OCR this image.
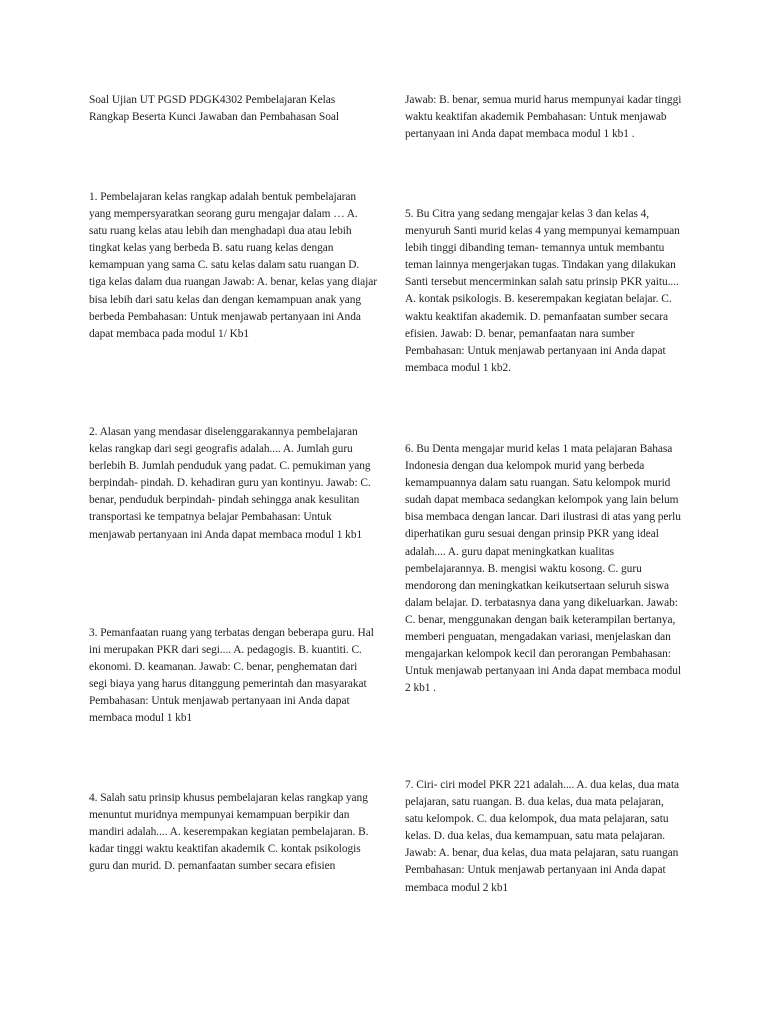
Soal Ujian UT PGSD PDGK4302 Pembelajaran Kelas Rangkap Beserta Kunci Jawaban dan Pembahasan Soal

1. Pembelajaran kelas rangkap adalah bentuk pembelajaran yang mempersyaratkan seorang guru mengajar dalam … A. satu ruang kelas atau lebih dan menghadapi dua atau lebih tingkat kelas yang berbeda B. satu ruang kelas dengan kemampuan yang sama C. satu kelas dalam satu ruangan D. tiga kelas dalam dua ruangan Jawab: A. benar, kelas yang diajar bisa lebih dari satu kelas dan dengan kemampuan anak yang berbeda Pembahasan: Untuk menjawab pertanyaan ini Anda dapat membaca pada modul 1/ Kb1

2. Alasan yang mendasar diselenggarakannya pembelajaran kelas rangkap dari segi geografis adalah.... A. Jumlah guru berlebih B. Jumlah penduduk yang padat. C. pemukiman yang berpindah- pindah. D. kehadiran guru yan kontinyu. Jawab: C. benar, penduduk berpindah- pindah sehingga anak kesulitan transportasi ke tempatnya belajar Pembahasan: Untuk menjawab pertanyaan ini Anda dapat membaca modul 1 kb1

3. Pemanfaatan ruang yang terbatas dengan beberapa guru. Hal ini merupakan PKR dari segi.... A. pedagogis. B. kuantiti. C. ekonomi. D. keamanan. Jawab: C. benar, penghematan dari segi biaya yang harus ditanggung pemerintah dan masyarakat Pembahasan: Untuk menjawab pertanyaan ini Anda dapat membaca modul 1 kb1

4. Salah satu prinsip khusus pembelajaran kelas rangkap yang menuntut muridnya mempunyai kemampuan berpikir dan mandiri adalah.... A. keserempakan kegiatan pembelajaran. B. kadar tinggi waktu keaktifan akademik C. kontak psikologis guru dan murid. D. pemanfaatan sumber secara efisien

Jawab: B. benar, semua murid harus mempunyai kadar tinggi waktu keaktifan akademik Pembahasan: Untuk menjawab pertanyaan ini Anda dapat membaca modul 1 kb1 .

5. Bu Citra yang sedang mengajar kelas 3 dan kelas 4, menyuruh Santi murid kelas 4 yang mempunyai kemampuan lebih tinggi dibanding teman- temannya untuk membantu teman lainnya mengerjakan tugas. Tindakan yang dilakukan Santi tersebut mencerminkan salah satu prinsip PKR yaitu.... A. kontak psikologis. B. keserempakan kegiatan belajar. C. waktu keaktifan akademik. D. pemanfaatan sumber secara efisien. Jawab: D. benar, pemanfaatan nara sumber Pembahasan: Untuk menjawab pertanyaan ini Anda dapat membaca modul 1 kb2.

6. Bu Denta mengajar murid kelas 1 mata pelajaran Bahasa Indonesia dengan dua kelompok murid yang berbeda kemampuannya dalam satu ruangan. Satu kelompok murid sudah dapat membaca sedangkan kelompok yang lain belum bisa membaca dengan lancar. Dari ilustrasi di atas yang perlu diperhatikan guru sesuai dengan prinsip PKR yang ideal adalah.... A. guru dapat meningkatkan kualitas pembelajarannya. B. mengisi waktu kosong. C. guru mendorong dan meningkatkan keikutsertaan seluruh siswa dalam belajar. D. terbatasnya dana yang dikeluarkan. Jawab: C. benar, menggunakan dengan baik keterampilan bertanya, memberi penguatan, mengadakan variasi, menjelaskan dan mengajarkan kelompok kecil dan perorangan Pembahasan: Untuk menjawab pertanyaan ini Anda dapat membaca modul 2 kb1 .

7. Ciri- ciri model PKR 221 adalah.... A. dua kelas, dua mata pelajaran, satu ruangan. B. dua kelas, dua mata pelajaran, satu kelompok. C. dua kelompok, dua mata pelajaran, satu kelas. D. dua kelas, dua kemampuan, satu mata pelajaran. Jawab: A. benar, dua kelas, dua mata pelajaran, satu ruangan Pembahasan: Untuk menjawab pertanyaan ini Anda dapat membaca modul 2 kb1
